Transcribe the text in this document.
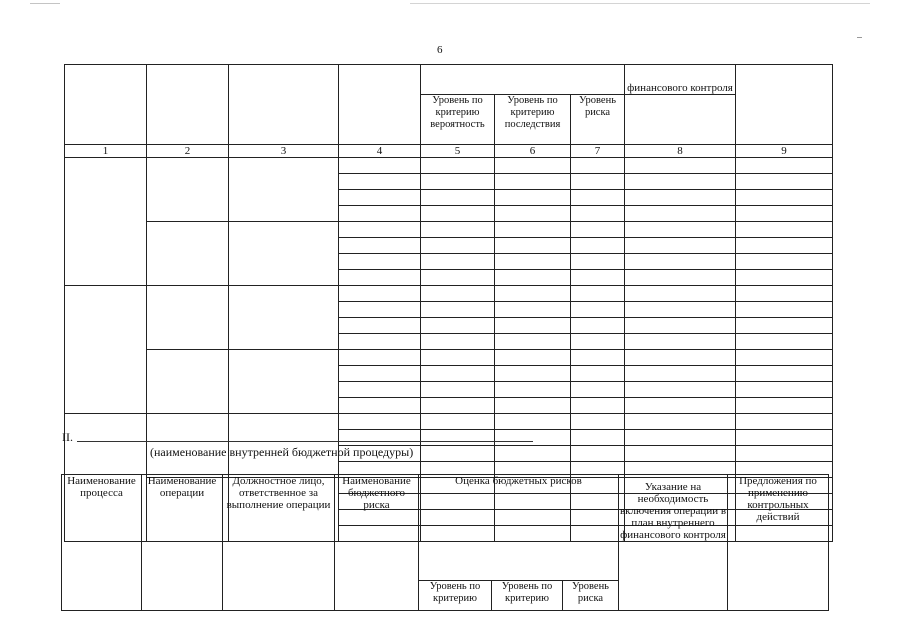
6
							финансового контроля	
				Уровень по критерию вероятность	Уровень по критерию последствия	Уровень риска		
1	2	3	4	5	6	7	8	9

II.
(наименование внутренней бюджетной процедуры)
Наименование процесса	Наименование операции	Должностное лицо, ответственное за выполнение операции	Наименование бюджетного риска	Оценка бюджетных рисков			Указание на необходимость включения операции в план внутреннего финансового контроля	Предложения по применению контрольных действий
				Уровень по критерию	Уровень по критерию	Уровень риска		
